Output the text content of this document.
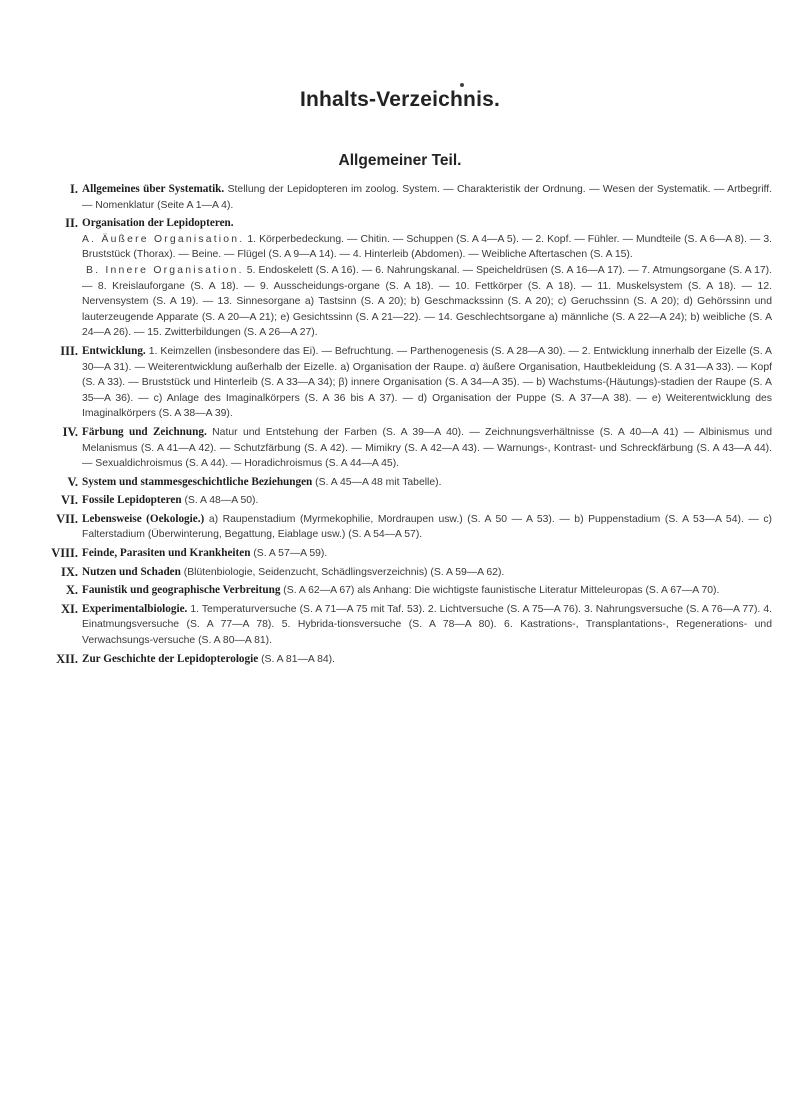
Inhalts-Verzeichnis.
Allgemeiner Teil.
I. Allgemeines über Systematik. Stellung der Lepidopteren im zoolog. System. — Charakteristik der Ordnung. — Wesen der Systematik. — Artbegriff. — Nomenklatur (Seite A 1—A 4).

II. Organisation der Lepidopteren.

A. Äußere Organisation. 1. Körperbedeckung. — Chitin. — Schuppen (S. A 4—A 5). — 2. Kopf. — Fühler. — Mundteile (S. A 6—A 8). — 3. Bruststück (Thorax). — Beine. — Flügel (S. A 9—A 14). — 4. Hinterleib (Abdomen). — Weibliche Aftertaschen (S. A 15).

B. Innere Organisation. 5. Endoskelett (S. A 16). — 6. Nahrungskanal. — Speicheldrüsen (S. A 16—A 17). — 7. Atmungsorgane (S. A 17). — 8. Kreislauforgane (S. A 18). — 9. Ausscheidungs-organe (S. A 18). — 10. Fettkörper (S. A 18). — 11. Muskelsystem (S. A 18). — 12. Nervensystem (S. A 19). — 13. Sinnesorgane a) Tastsinn (S. A 20); b) Geschmackssinn (S. A 20); c) Geruchssinn (S. A 20); d) Gehörssinn und lauterzeugende Apparate (S. A 20—A 21); e) Gesichtssinn (S. A 21—22). — 14. Geschlechtsorgane a) männliche (S. A 22—A 24); b) weibliche (S. A 24—A 26). — 15. Zwitterbildungen (S. A 26—A 27).

III. Entwicklung. 1. Keimzellen (insbesondere das Ei). — Befruchtung. — Parthenogenesis (S. A 28—A 30). — 2. Entwicklung innerhalb der Eizelle (S. A 30—A 31). — Weiterentwicklung außerhalb der Eizelle. a) Organisation der Raupe. α) äußere Organisation, Hautbekleidung (S. A 31—A 33). — Kopf (S. A 33). — Bruststück und Hinterleib (S. A 33—A 34); β) innere Organisation (S. A 34—A 35). — b) Wachstums-(Häutungs)-stadien der Raupe (S. A 35—A 36). — c) Anlage des Imaginalkörpers (S. A 36 bis A 37). — d) Organisation der Puppe (S. A 37—A 38). — e) Weiterentwicklung des Imaginalkörpers (S. A 38—A 39).

IV. Färbung und Zeichnung. Natur und Entstehung der Farben (S. A 39—A 40). — Zeichnungsverhältnisse (S. A 40—A 41) — Albinismus und Melanismus (S. A 41—A 42). — Schutzfärbung (S. A 42). — Mimikry (S. A 42—A 43). — Warnungs-, Kontrast- und Schreckfärbung (S. A 43—A 44). — Sexualdichroismus (S. A 44). — Horadichroismus (S. A 44—A 45).

V. System und stammesgeschichtliche Beziehungen (S. A 45—A 48 mit Tabelle).

VI. Fossile Lepidopteren (S. A 48—A 50).

VII. Lebensweise (Oekologie.) a) Raupenstadium (Myrmekophilie, Mordraupen usw.) (S. A 50 — A 53). — b) Puppenstadium (S. A 53—A 54). — c) Falterstadium (Überwinterung, Begattung, Eiablage usw.) (S. A 54—A 57).

VIII. Feinde, Parasiten und Krankheiten (S. A 57—A 59).

IX. Nutzen und Schaden (Blütenbiologie, Seidenzucht, Schädlingsverzeichnis) (S. A 59—A 62).

X. Faunistik und geographische Verbreitung (S. A 62—A 67) als Anhang: Die wichtigste faunistische Literatur Mitteleuropas (S. A 67—A 70).

XI. Experimentalbiologie. 1. Temperaturversuche (S. A 71—A 75 mit Taf. 53). 2. Lichtversuche (S. A 75—A 76). 3. Nahrungsversuche (S. A 76—A 77). 4. Einatmungsversuche (S. A 77—A 78). 5. Hybrida-tionsversuche (S. A 78—A 80). 6. Kastrations-, Transplantations-, Regenerations- und Verwachsungs-versuche (S. A 80—A 81).

XII. Zur Geschichte der Lepidopterologie (S. A 81—A 84).
